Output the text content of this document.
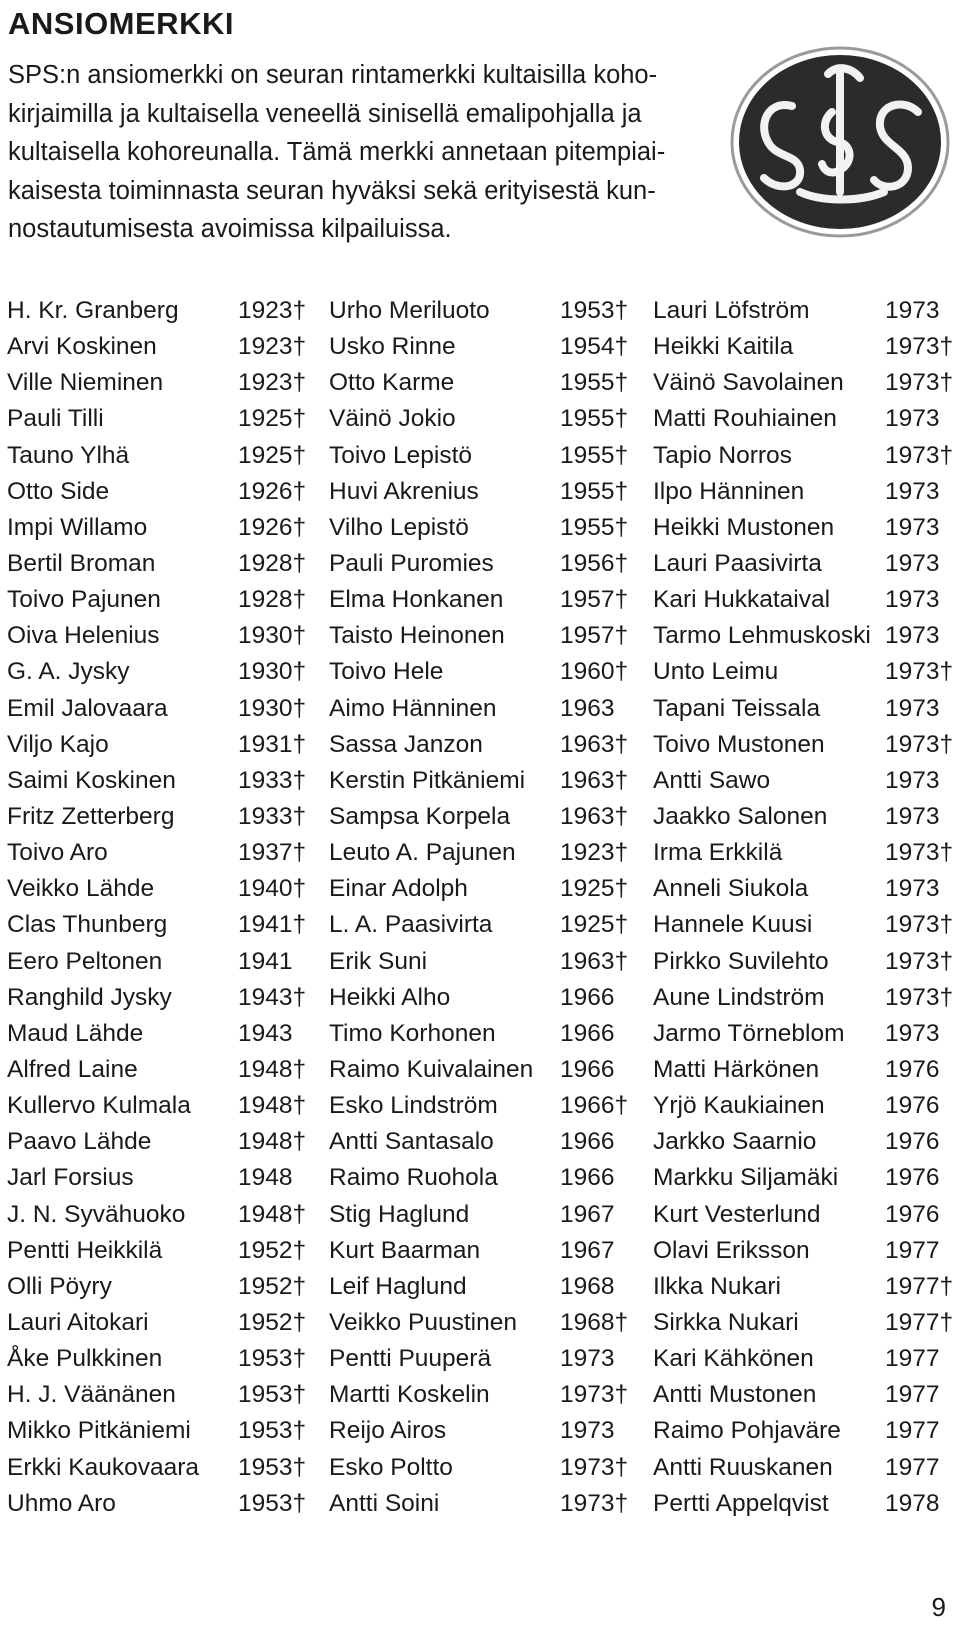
ANSIOMERKKI
SPS:n ansiomerkki on seuran rintamerkki kultaisilla koho-
kirjaimilla ja kultaisella veneellä sinisellä emalipohjalla ja
kultaisella kohoreunalla. Tämä merkki annetaan pitempiai-
kaisesta toiminnasta seuran hyväksi sekä erityisestä kun-
nostautumisesta avoimissa kilpailuissa.
H. Kr. Granberg 1923†
Arvi Koskinen	1923†
Ville Nieminen	1923†
Pauli Tilli	1925†
Tauno Ylhä	1925†
Otto Side	1926†
Impi Willamo	1926†
Bertil Broman	1928†
Toivo Pajunen	1928†
Oiva Helenius	1930†
G. A. Jysky	1930†
Emil Jalovaara	1930†
Viljo Kajo	1931†
Saimi Koskinen	1933†
Fritz Zetterberg	1933†
Toivo Aro	1937†
Veikko Lähde	1940†
Clas Thunberg	1941†
Eero Peltonen	1941
Ranghild Jysky	1943†
Maud Lähde	1943
Alfred Laine	1948†
Kullervo Kulmala 1948†
Paavo Lähde	1948†
Jarl Forsius	1948
J. N. Syvähuoko 1948†
Pentti Heikkilä	1952†
Olli Pöyry	1952†
Lauri Aitokari	1952†
Åke Pulkkinen	1953†
H. J. Väänänen	1953†
Mikko Pitkäniemi 1953†
Erkki Kaukovaara 1953†
Uhmo Aro	1953†
Urho Meriluoto	1953†
Usko Rinne	1954†
Otto Karme	1955†
Väinö Jokio	1955†
Toivo Lepistö	1955†
Huvi Akrenius	1955†
Vilho Lepistö	1955†
Pauli Puromies	1956†
Elma Honkanen 1957†
Taisto Heinonen 1957†
Toivo Hele	1960†
Aimo Hänninen	1963
Sassa Janzon	1963†
Kerstin Pitkäniemi 1963†
Sampsa Korpela 1963†
Leuto A. Pajunen 1923†
Einar Adolph	1925†
L. A. Paasivirta	1925†
Erik Suni	1963†
Heikki Alho	1966
Timo Korhonen	1966
Raimo Kuivalainen 1966
Esko Lindström	1966†
Antti Santasalo	1966
Raimo Ruohola	1966
Stig Haglund	1967
Kurt Baarman	1967
Leif Haglund	1968
Veikko Puustinen 1968†
Pentti Puuperä	1973
Martti Koskelin	1973†
Reijo Airos	1973
Esko Poltto	1973†
Antti Soini	1973†
Lauri Löfström	1973
Heikki Kaitila	1973†
Väinö Savolainen 1973†
Matti Rouhiainen 1973
Tapio Norros	1973†
Ilpo Hänninen	1973
Heikki Mustonen 1973
Lauri Paasivirta	1973
Kari Hukkataival 1973
Tarmo Lehmuskoski 1973
Unto Leimu	1973†
Tapani Teissala	1973
Toivo Mustonen 1973†
Antti Sawo	1973
Jaakko Salonen 1973
Irma Erkkilä	1973†
Anneli Siukola	1973
Hannele Kuusi	1973†
Pirkko Suvilehto 1973†
Aune Lindström 1973†
Jarmo Törneblom 1973
Matti Härkönen	1976
Yrjö Kaukiainen 1976
Jarkko Saarnio	1976
Markku Siljamäki 1976
Kurt Vesterlund	1976
Olavi Eriksson	1977
Ilkka Nukari	1977†
Sirkka Nukari	1977†
Kari Kähkönen	1977
Antti Mustonen	1977
Raimo Pohjaväre 1977
Antti Ruuskanen 1977
Pertti Appelqvist 1978
9
